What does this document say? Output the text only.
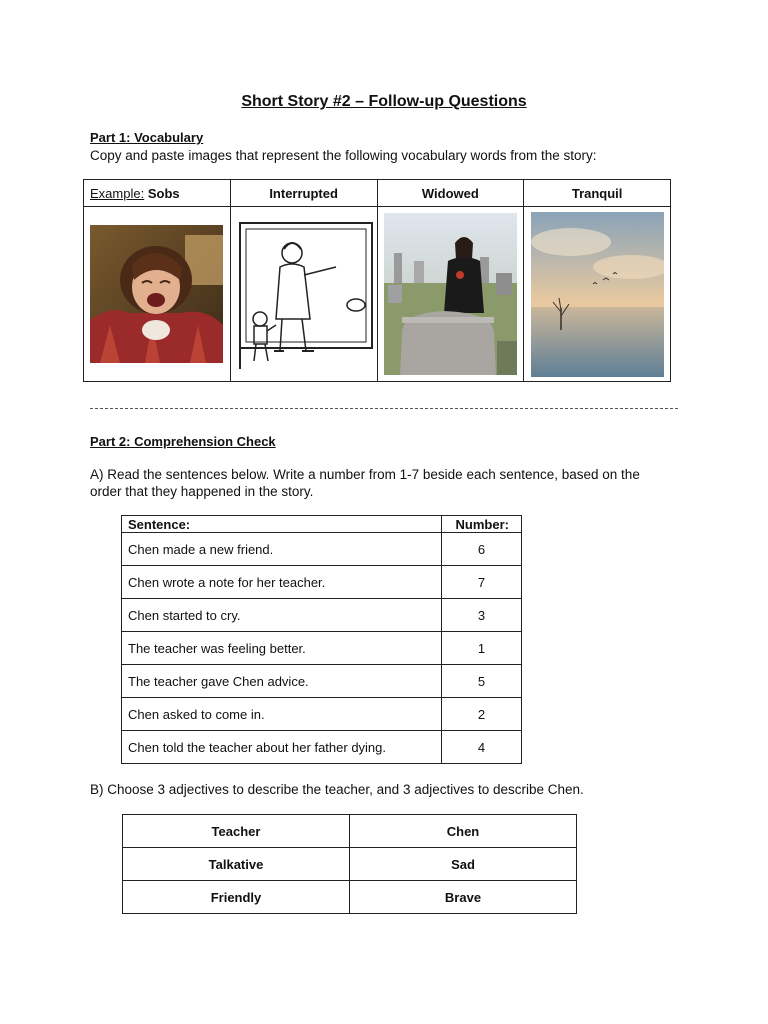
Short Story #2 – Follow-up Questions
Part 1: Vocabulary
Copy and paste images that represent the following vocabulary words from the story:
Example: Sobs	Interrupted	Widowed	Tranquil

Part 2: Comprehension Check
A) Read the sentences below. Write a number from 1-7 beside each sentence, based on the
order that they happened in the story.
Sentence:	Number:
Chen made a new friend.	6
Chen wrote a note for her teacher.	7
Chen started to cry.	3
The teacher was feeling better.	1
The teacher gave Chen advice.	5
Chen asked to come in.	2
Chen told the teacher about her father dying.	4
B) Choose 3 adjectives to describe the teacher, and 3 adjectives to describe Chen.
Teacher	Chen
Talkative	Sad
Friendly	Brave
